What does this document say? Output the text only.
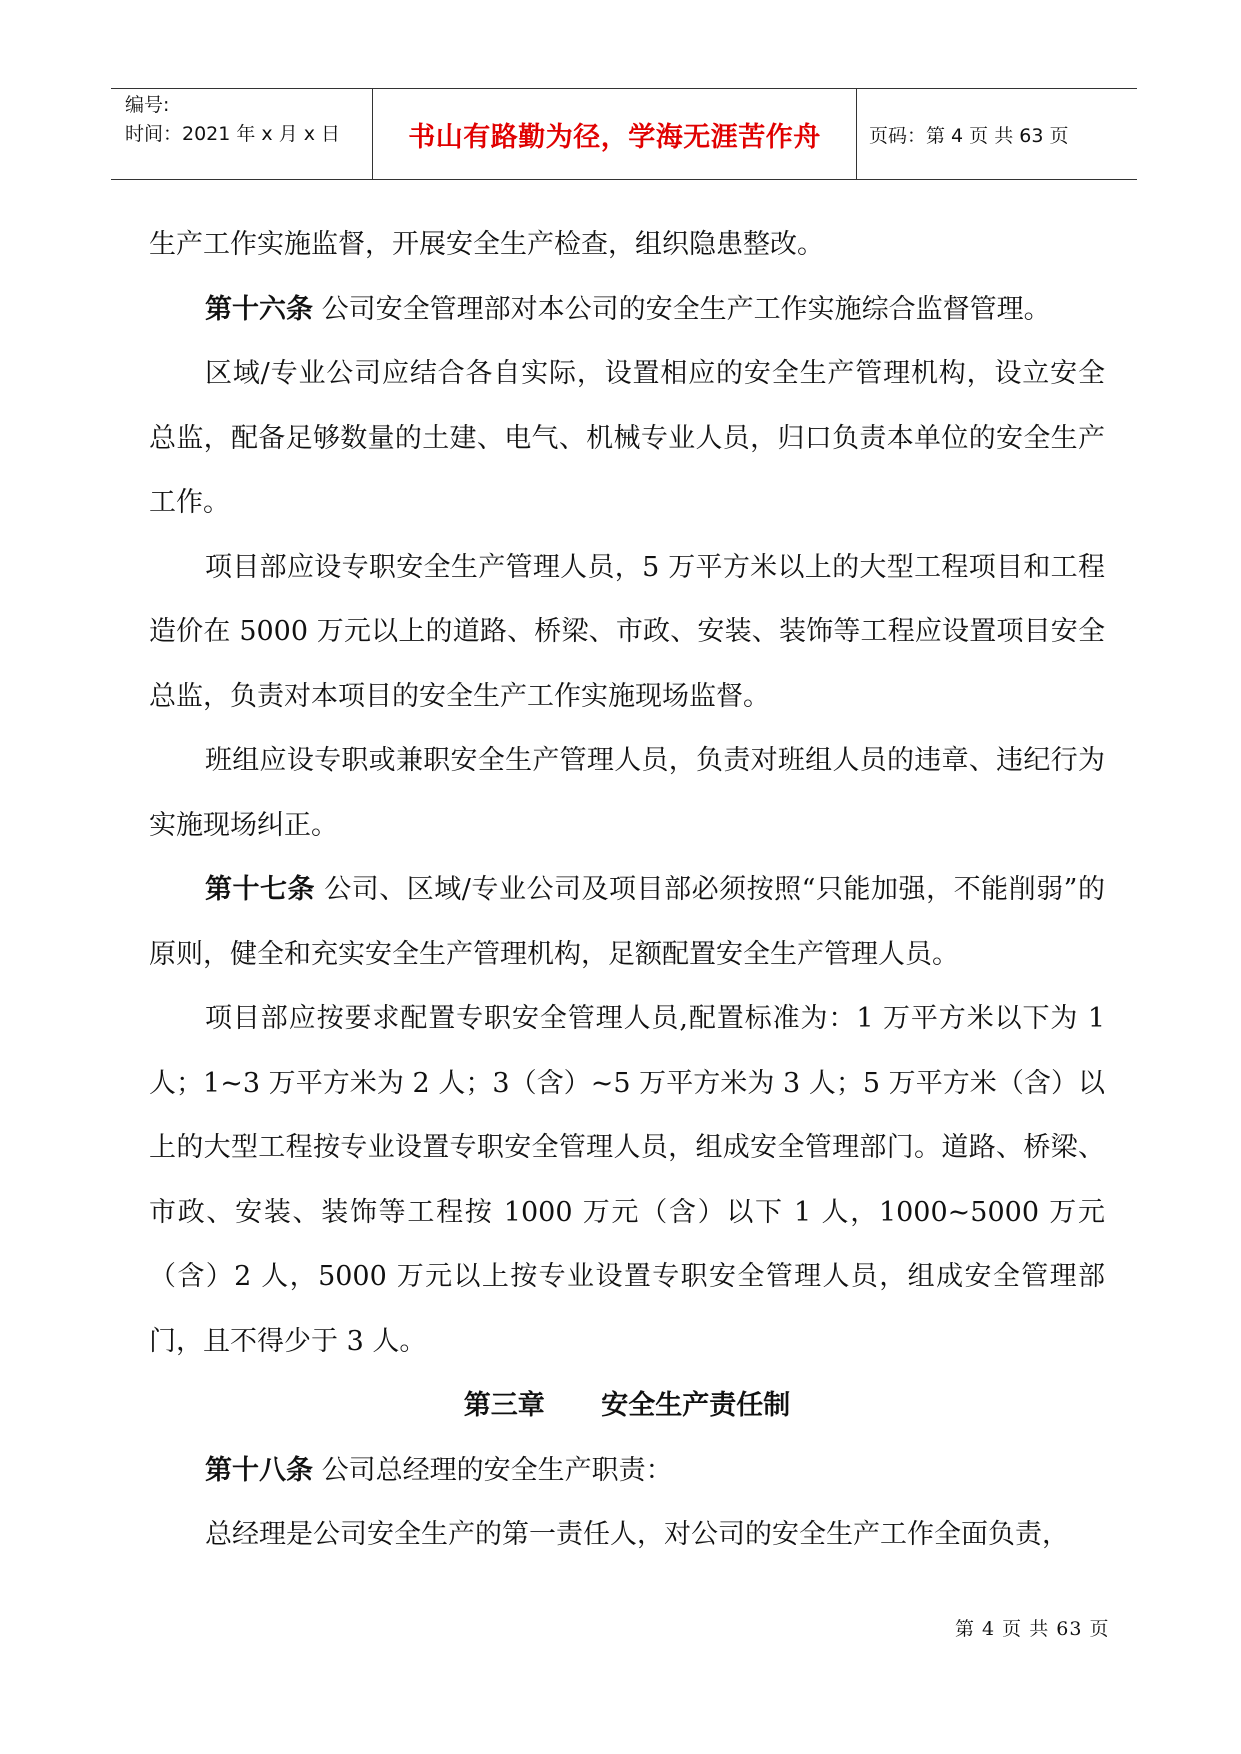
编号:
时间：2021 年 x 月 x 日	书山有路勤为径，学海无涯苦作舟	页码：第 4 页 共 63 页

生产工作实施监督，开展安全生产检查，组织隐患整改。

第十六条 公司安全管理部对本公司的安全生产工作实施综合监督管理。

区域/专业公司应结合各自实际，设置相应的安全生产管理机构，设立安全总监，配备足够数量的土建、电气、机械专业人员，归口负责本单位的安全生产工作。

项目部应设专职安全生产管理人员，5 万平方米以上的大型工程项目和工程造价在 5000 万元以上的道路、桥梁、市政、安装、装饰等工程应设置项目安全总监，负责对本项目的安全生产工作实施现场监督。

班组应设专职或兼职安全生产管理人员，负责对班组人员的违章、违纪行为实施现场纠正。

第十七条 公司、区域/专业公司及项目部必须按照“只能加强，不能削弱”的原则，健全和充实安全生产管理机构，足额配置安全生产管理人员。

项目部应按要求配置专职安全管理人员,配置标准为：1 万平方米以下为 1 人；1~3 万平方米为 2 人；3（含）~5 万平方米为 3 人；5 万平方米（含）以上的大型工程按专业设置专职安全管理人员，组成安全管理部门。道路、桥梁、市政、安装、装饰等工程按 1000 万元（含）以下 1 人，1000~5000 万元（含）2 人，5000 万元以上按专业设置专职安全管理人员，组成安全管理部门，且不得少于 3 人。

第三章      安全生产责任制

第十八条 公司总经理的安全生产职责：

总经理是公司安全生产的第一责任人，对公司的安全生产工作全面负责，

第 4 页 共 63 页
